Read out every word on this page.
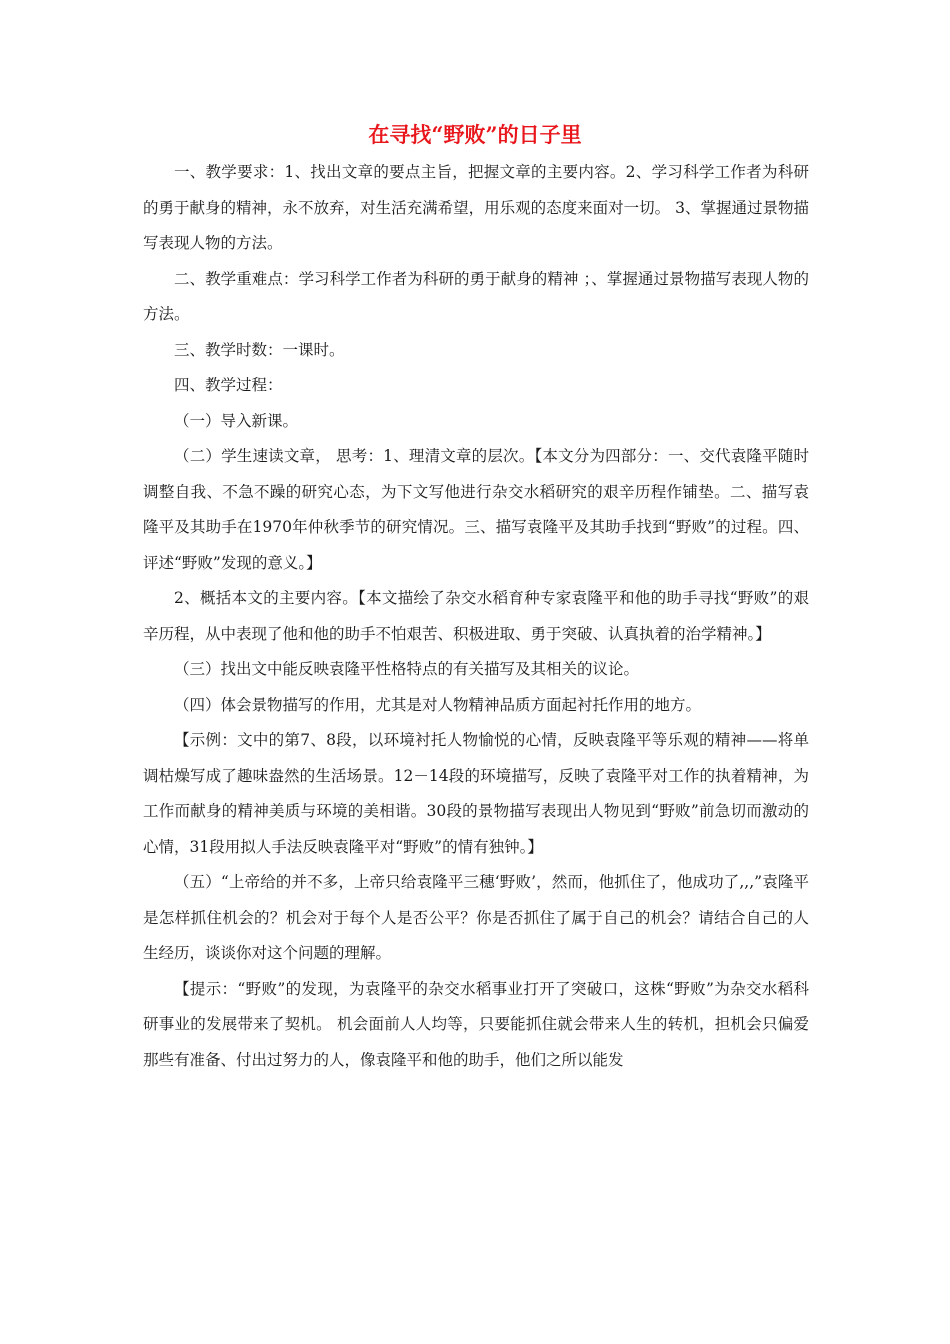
在寻找“野败”的日子里

一、教学要求：1、找出文章的要点主旨，把握文章的主要内容。2、学习科学工作者为科研的勇于献身的精神，永不放弃，对生活充满希望，用乐观的态度来面对一切。 3、掌握通过景物描写表现人物的方法。

二、教学重难点：学习科学工作者为科研的勇于献身的精神 ；、掌握通过景物描写表现人物的方法。

三、教学时数：一课时。

四、教学过程：

（一）导入新课。

（二）学生速读文章， 思考：1、理清文章的层次。【本文分为四部分：一、交代袁隆平随时调整自我、不急不躁的研究心态，为下文写他进行杂交水稻研究的艰辛历程作铺垫。二、描写袁隆平及其助手在1970年仲秋季节的研究情况。三、描写袁隆平及其助手找到“野败”的过程。四、评述“野败”发现的意义。】

2、概括本文的主要内容。【本文描绘了杂交水稻育种专家袁隆平和他的助手寻找“野败”的艰辛历程，从中表现了他和他的助手不怕艰苦、积极进取、勇于突破、认真执着的治学精神。】

（三）找出文中能反映袁隆平性格特点的有关描写及其相关的议论。

（四）体会景物描写的作用，尤其是对人物精神品质方面起衬托作用的地方。

【示例：文中的第7、8段，以环境衬托人物愉悦的心情，反映袁隆平等乐观的精神——将单调枯燥写成了趣味盎然的生活场景。12－14段的环境描写，反映了袁隆平对工作的执着精神，为工作而献身的精神美质与环境的美相谐。30段的景物描写表现出人物见到“野败”前急切而激动的心情，31段用拟人手法反映袁隆平对“野败”的情有独钟。】

（五）“上帝给的并不多，上帝只给袁隆平三穗‘野败’，然而，他抓住了，他成功了,,,”袁隆平是怎样抓住机会的？机会对于每个人是否公平？你是否抓住了属于自己的机会？请结合自己的人生经历，谈谈你对这个问题的理解。

【提示：“野败”的发现，为袁隆平的杂交水稻事业打开了突破口，这株“野败”为杂交水稻科研事业的发展带来了契机。 机会面前人人均等，只要能抓住就会带来人生的转机，担机会只偏爱那些有准备、付出过努力的人，像袁隆平和他的助手，他们之所以能发
